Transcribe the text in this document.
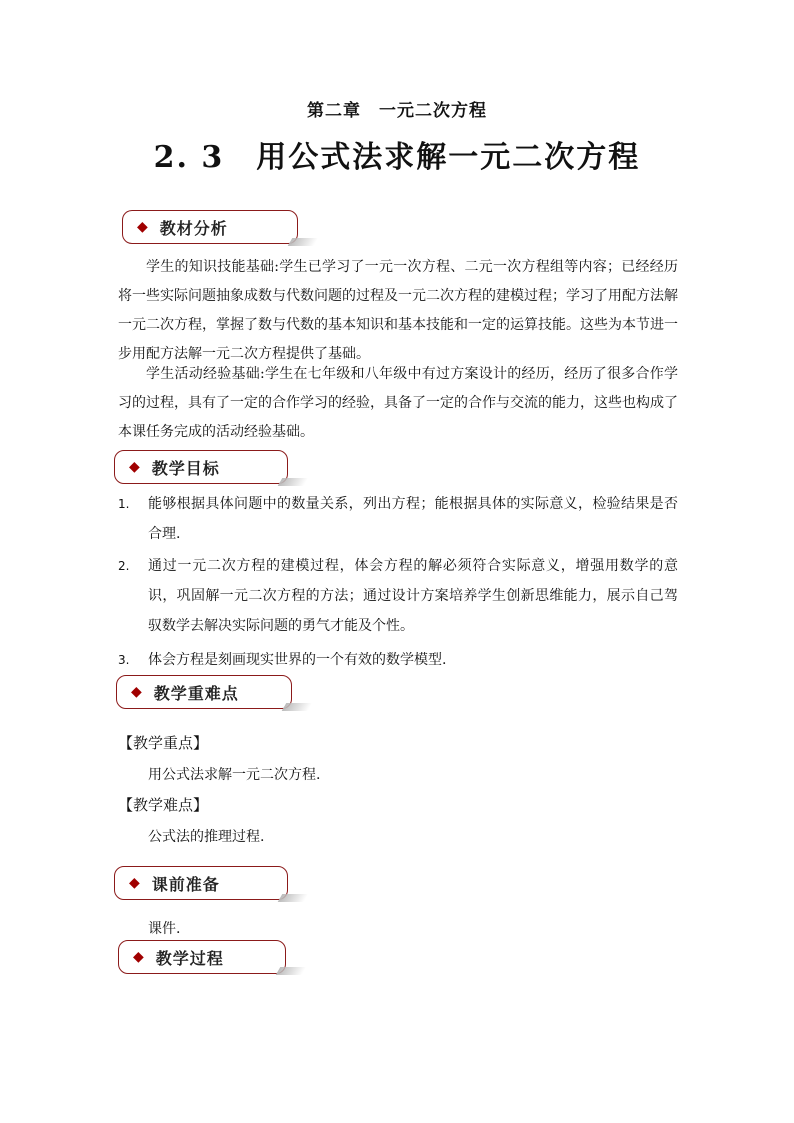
第二章　一元二次方程
2. 3　用公式法求解一元二次方程
◆ 教材分析

学生的知识技能基础:学生已学习了一元一次方程、二元一次方程组等内容；已经经历将一些实际问题抽象成数与代数问题的过程及一元二次方程的建模过程；学习了用配方法解一元二次方程，掌握了数与代数的基本知识和基本技能和一定的运算技能。这些为本节进一步用配方法解一元二次方程提供了基础。

学生活动经验基础:学生在七年级和八年级中有过方案设计的经历，经历了很多合作学习的过程，具有了一定的合作学习的经验，具备了一定的合作与交流的能力，这些也构成了本课任务完成的活动经验基础。

◆ 教学目标
1.	能够根据具体问题中的数量关系，列出方程；能根据具体的实际意义，检验结果是否合理.
2.	通过一元二次方程的建模过程，体会方程的解必须符合实际意义，增强用数学的意识，巩固解一元二次方程的方法；通过设计方案培养学生创新思维能力，展示自己驾驭数学去解决实际问题的勇气才能及个性。
3.	体会方程是刻画现实世界的一个有效的数学模型.
◆ 教学重难点
【教学重点】
用公式法求解一元二次方程.
【教学难点】
公式法的推理过程.
◆ 课前准备
课件.
◆ 教学过程
